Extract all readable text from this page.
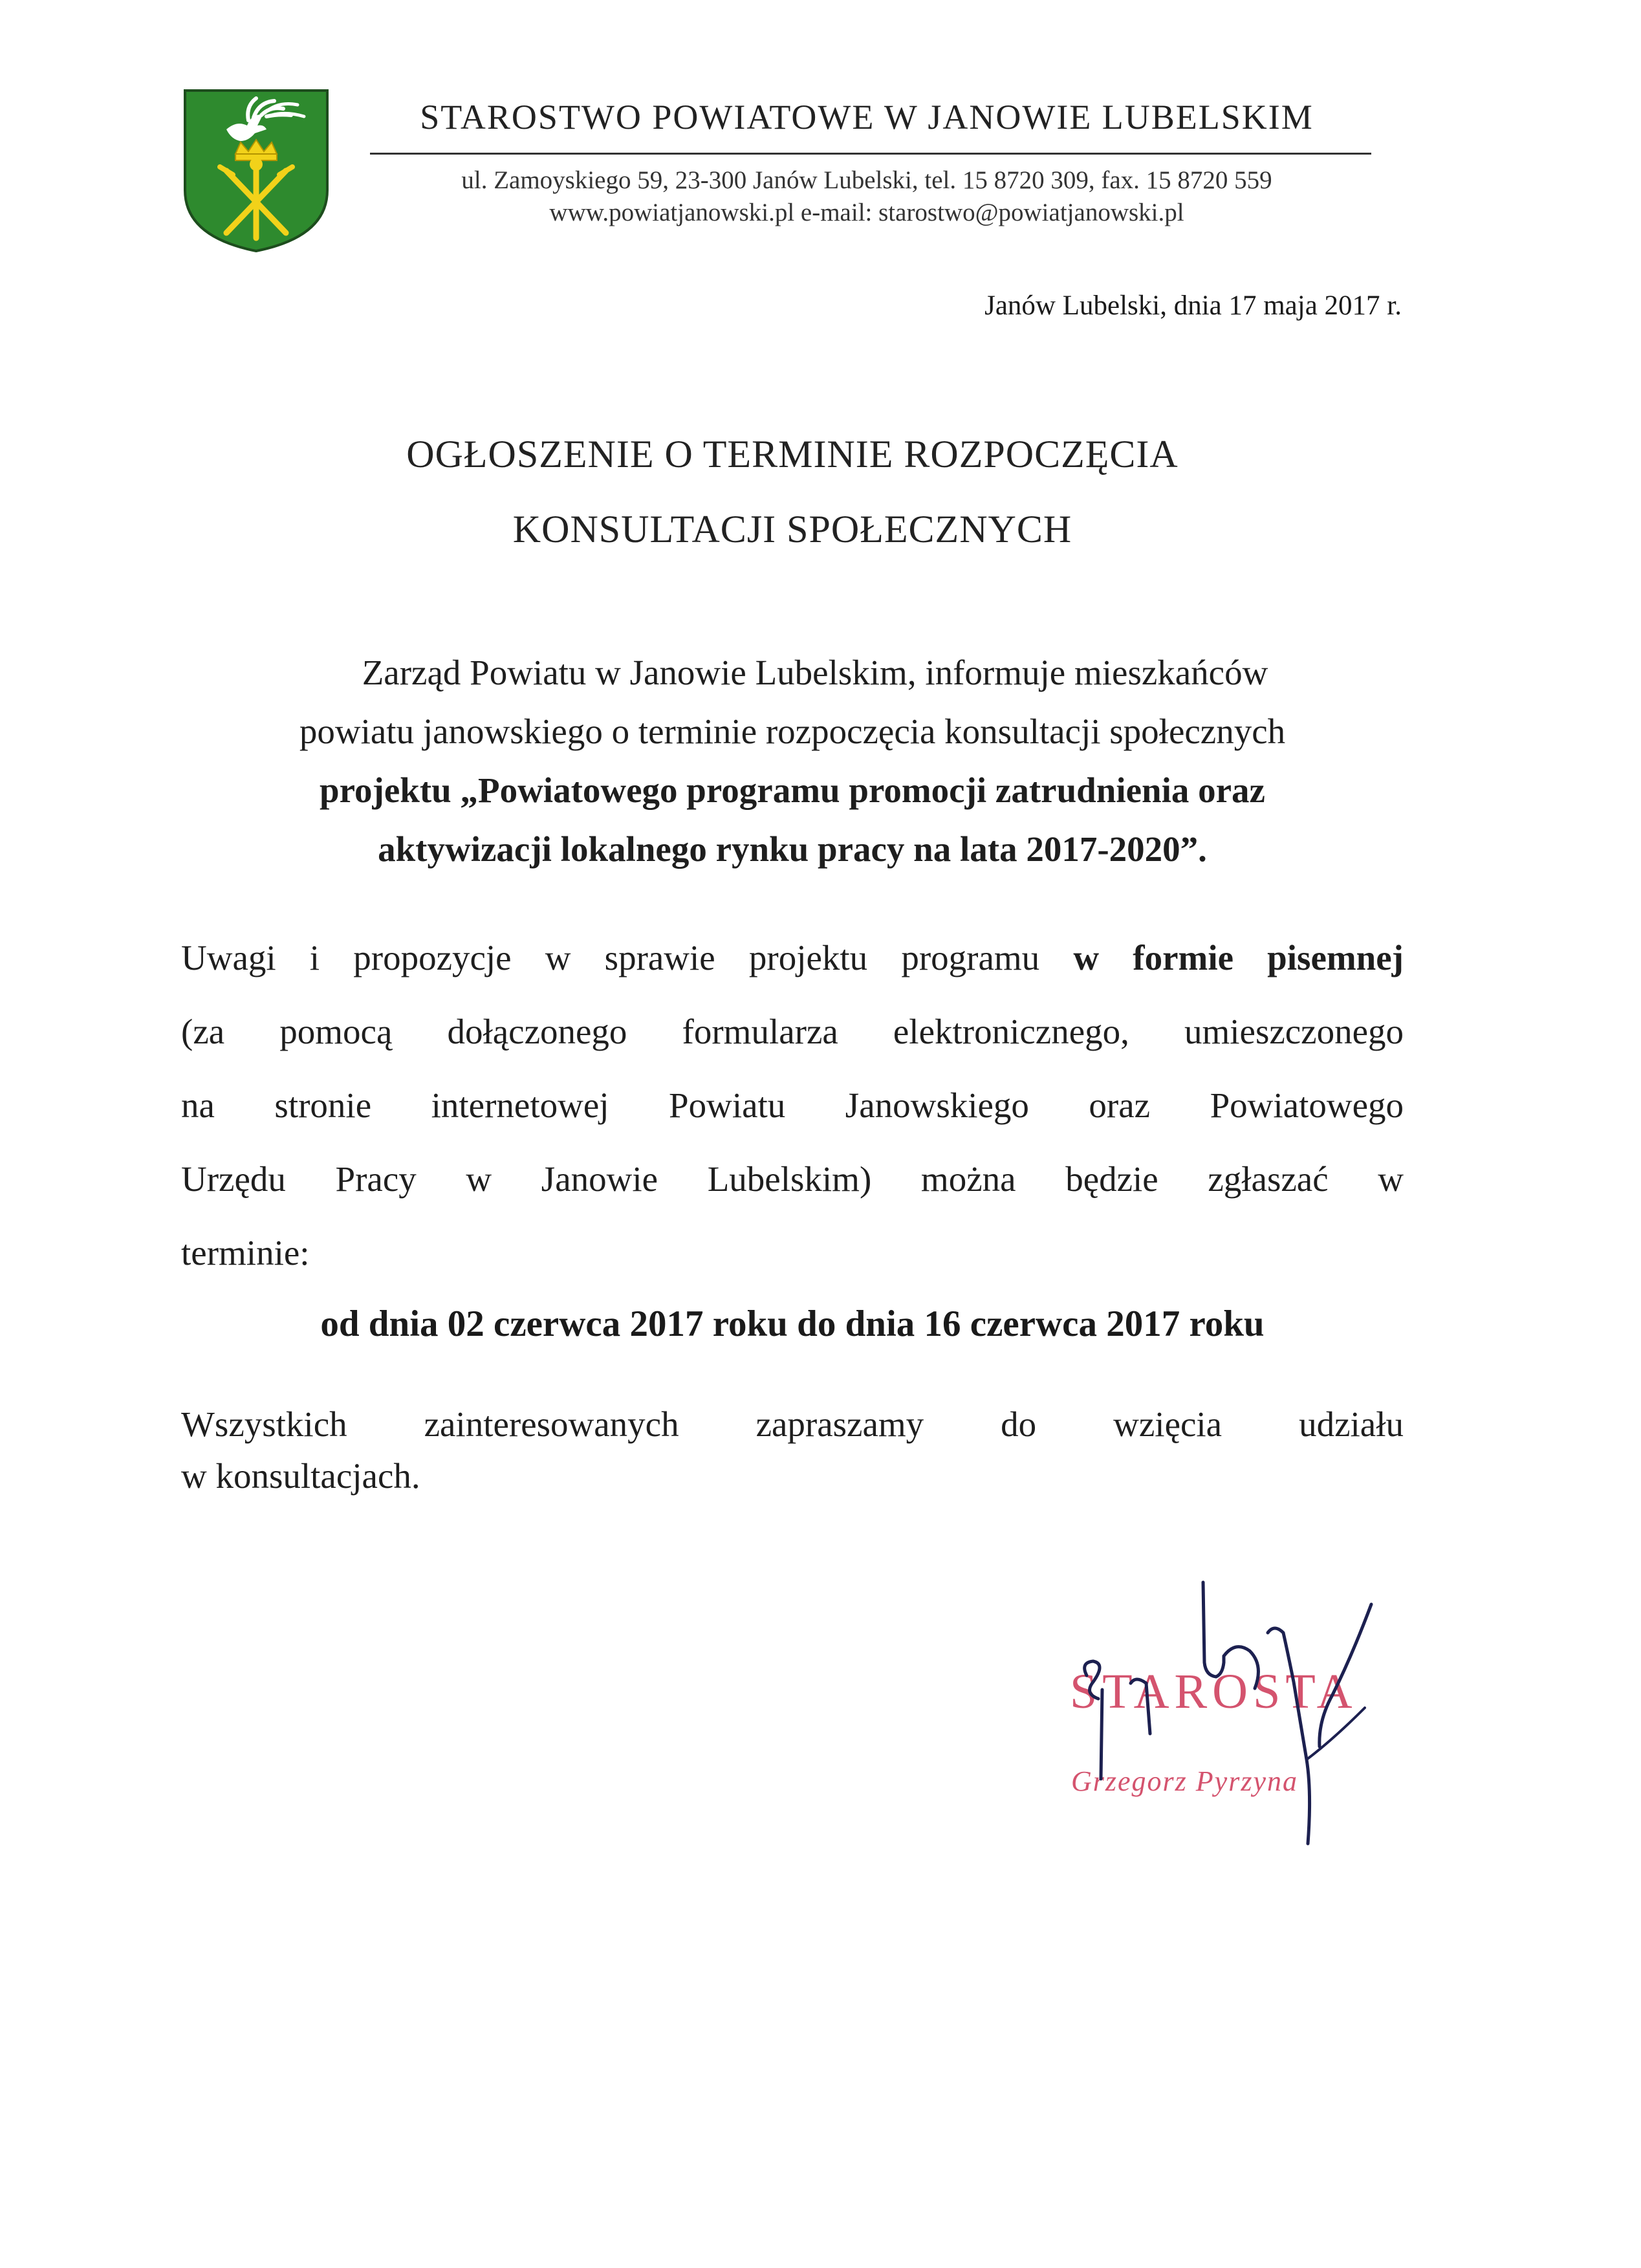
STAROSTWO POWIATOWE W JANOWIE LUBELSKIM
ul. Zamoyskiego 59, 23-300 Janów Lubelski, tel. 15 8720 309, fax. 15 8720 559
www.powiatjanowski.pl e-mail: starostwo@powiatjanowski.pl
Janów Lubelski, dnia 17 maja 2017 r.
OGŁOSZENIE O TERMINIE ROZPOCZĘCIA
KONSULTACJI SPOŁECZNYCH
Zarząd Powiatu w Janowie Lubelskim, informuje mieszkańców
powiatu janowskiego o terminie rozpoczęcia konsultacji społecznych
projektu „Powiatowego programu promocji zatrudnienia oraz
aktywizacji lokalnego rynku pracy na lata 2017-2020”.
Uwagi i propozycje w sprawie projektu programu w formie pisemnej
(za pomocą dołączonego formularza elektronicznego, umieszczonego
na stronie internetowej Powiatu Janowskiego oraz Powiatowego
Urzędu Pracy w Janowie Lubelskim) można będzie zgłaszać w
terminie:
od dnia 02 czerwca 2017 roku do dnia 16 czerwca 2017 roku
Wszystkich zainteresowanych zapraszamy do wzięcia udziału
w konsultacjach.
STAROSTA
Grzegorz Pyrzyna
